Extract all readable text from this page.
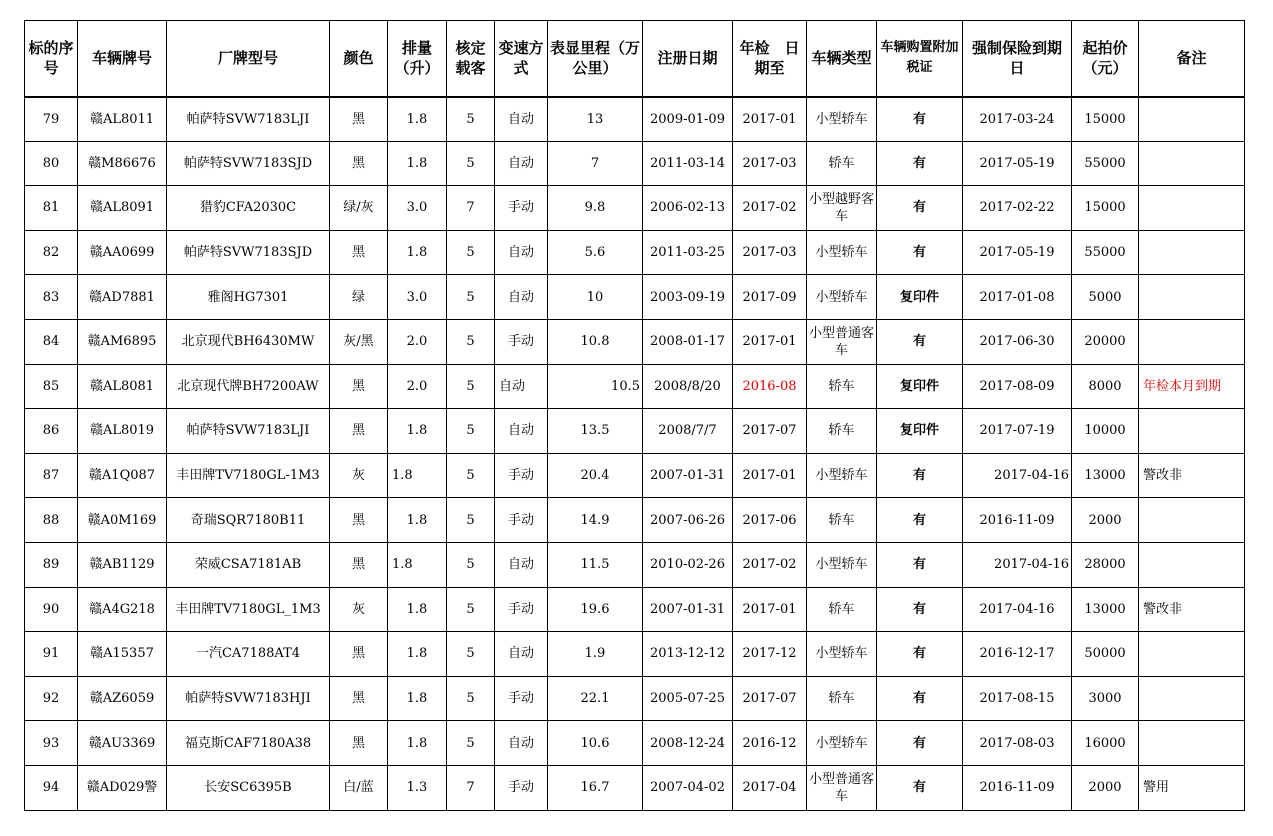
标的序号	车辆牌号	厂牌型号	颜色	排量（升）	核定载客	变速方式	表显里程（万公里）	注册日期	年检　日期至	车辆类型	车辆购置附加税证	强制保险到期日	起拍价（元）	备注
79	赣AL8011	帕萨特SVW7183LJI	黑	1.8	5	自动	13	2009-01-09	2017-01	小型轿车	有	2017-03-24	15000	
80	赣M86676	帕萨特SVW7183SJD	黑	1.8	5	自动	7	2011-03-14	2017-03	轿车	有	2017-05-19	55000	
81	赣AL8091	猎豹CFA2030C	绿/灰	3.0	7	手动	9.8	2006-02-13	2017-02	小型越野客车	有	2017-02-22	15000	
82	赣AA0699	帕萨特SVW7183SJD	黑	1.8	5	自动	5.6	2011-03-25	2017-03	小型轿车	有	2017-05-19	55000	
83	赣AD7881	雅阁HG7301	绿	3.0	5	自动	10	2003-09-19	2017-09	小型轿车	复印件	2017-01-08	5000	
84	赣AM6895	北京现代BH6430MW	灰/黑	2.0	5	手动	10.8	2008-01-17	2017-01	小型普通客车	有	2017-06-30	20000	
85	赣AL8081	北京现代牌BH7200AW	黑	2.0	5	自动	10.5	2008/8/20	2016-08	轿车	复印件	2017-08-09	8000	年检本月到期
86	赣AL8019	帕萨特SVW7183LJI	黑	1.8	5	自动	13.5	2008/7/7	2017-07	轿车	复印件	2017-07-19	10000	
87	赣A1Q087	丰田牌TV7180GL-1M3	灰	1.8	5	手动	20.4	2007-01-31	2017-01	小型轿车	有	2017-04-16	13000	警改非
88	赣A0M169	奇瑞SQR7180B11	黑	1.8	5	手动	14.9	2007-06-26	2017-06	轿车	有	2016-11-09	2000	
89	赣AB1129	荣威CSA7181AB	黑	1.8	5	自动	11.5	2010-02-26	2017-02	小型轿车	有	2017-04-16	28000	
90	赣A4G218	丰田牌TV7180GL_1M3	灰	1.8	5	手动	19.6	2007-01-31	2017-01	轿车	有	2017-04-16	13000	警改非
91	赣A15357	一汽CA7188AT4	黑	1.8	5	自动	1.9	2013-12-12	2017-12	小型轿车	有	2016-12-17	50000	
92	赣AZ6059	帕萨特SVW7183HJI	黑	1.8	5	手动	22.1	2005-07-25	2017-07	轿车	有	2017-08-15	3000	
93	赣AU3369	福克斯CAF7180A38	黑	1.8	5	自动	10.6	2008-12-24	2016-12	小型轿车	有	2017-08-03	16000	
94	赣AD029警	长安SC6395B	白/蓝	1.3	7	手动	16.7	2007-04-02	2017-04	小型普通客车	有	2016-11-09	2000	警用
